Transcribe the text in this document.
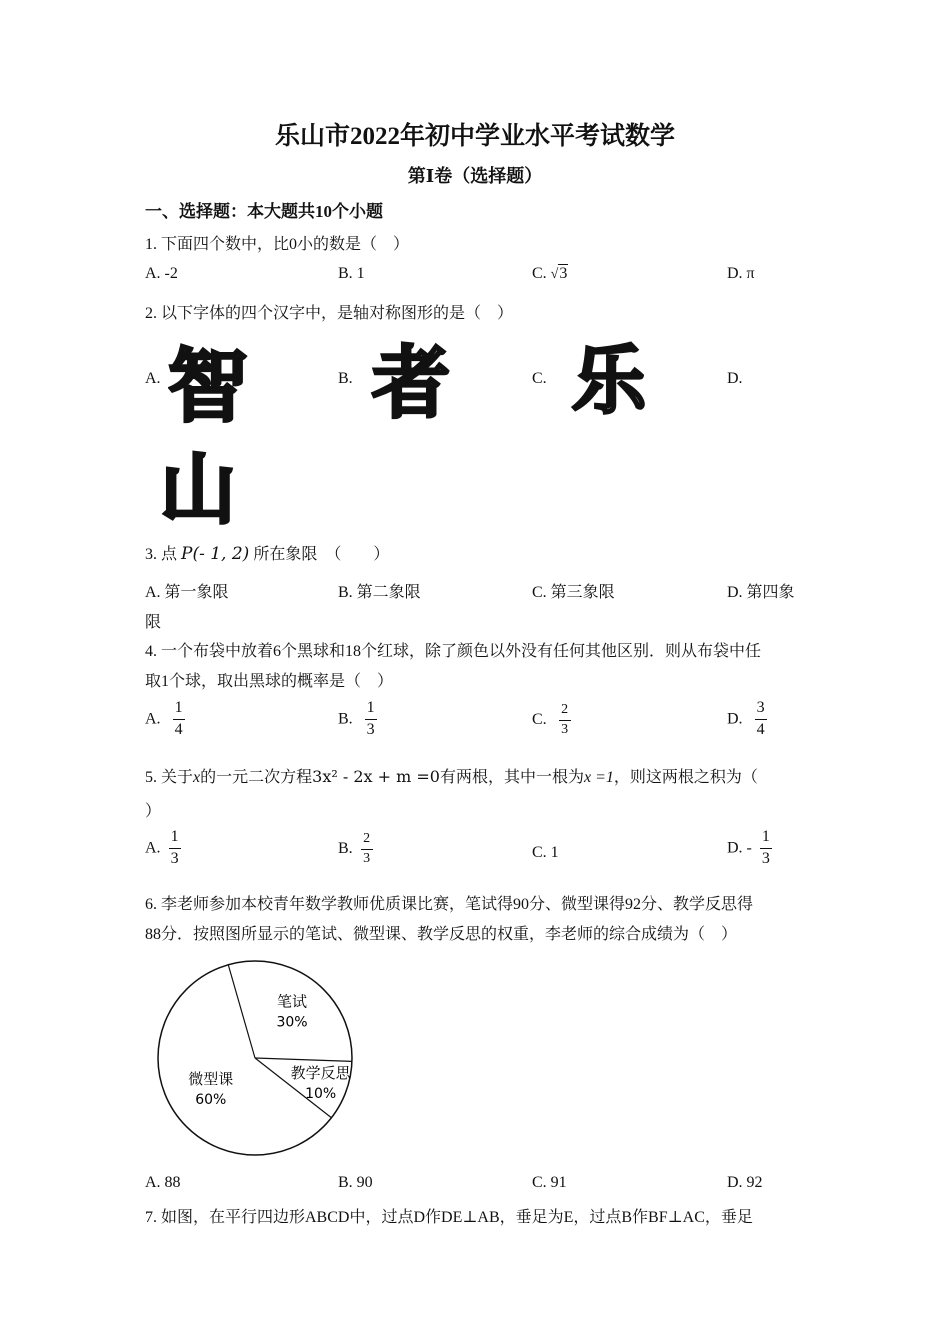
乐山市2022年初中学业水平考试数学
第Ⅰ卷（选择题）
一、选择题：本大题共10个小题
1. 下面四个数中，比0小的数是（　）
A. -2	B. 1	C. √3	D. π
2. 以下字体的四个汉字中，是轴对称图形的是（　）
A.	B.	C.	D.
智 者 乐
山
3. 点 P(- 1, 2) 所在象限　（　　）
A. 第一象限	B. 第二象限	C. 第三象限	D. 第四象
限
4. 一个布袋中放着6个黑球和18个红球，除了颜色以外没有任何其他区别．则从布袋中任
取1个球，取出黑球的概率是（　）
A. $\frac{1}{4}$	B. $\frac{1}{3}$	C. $\frac{2}{3}$	D. $\frac{3}{4}$
5. 关于x的一元二次方程3x² - 2x + m =0有两根，其中一根为x =1，则这两根之积为（
）
A. $\frac{1}{3}$	B. $\frac{2}{3}$	C. 1	D. - $\frac{1}{3}$
6. 李老师参加本校青年数学教师优质课比赛，笔试得90分、微型课得92分、教学反思得
88分．按照图所显示的笔试、微型课、教学反思的权重，李老师的综合成绩为（　）
笔试
30%
教学反思
10%
微型课
60%
A. 88	B. 90	C. 91	D. 92
7. 如图，在平行四边形ABCD中，过点D作DE⊥AB，垂足为E，过点B作BF⊥AC，垂足
